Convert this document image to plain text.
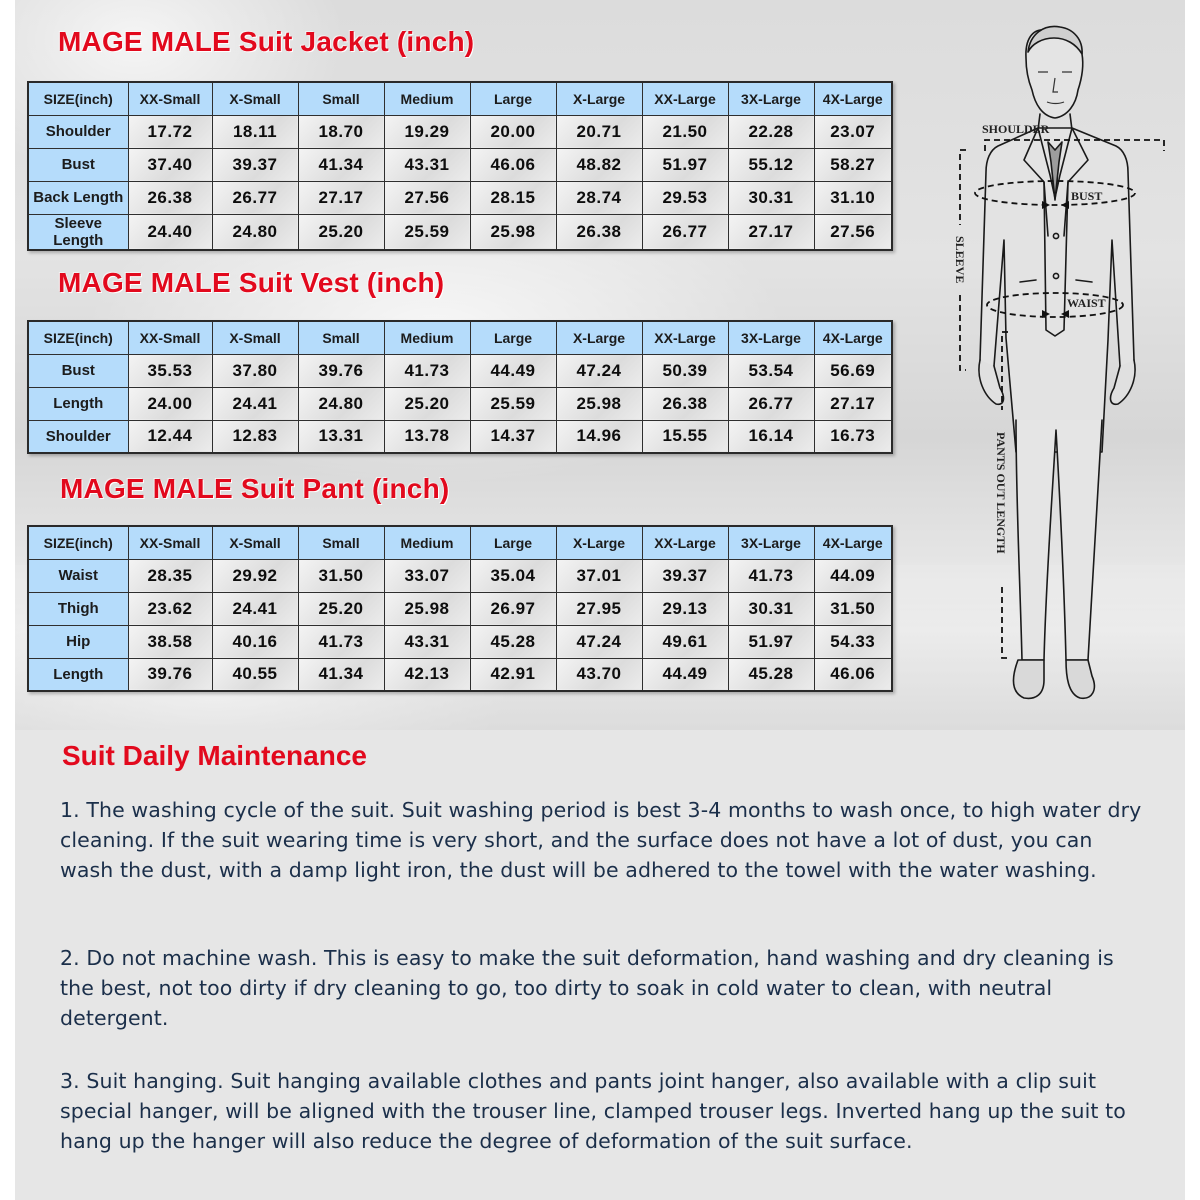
MAGE MALE Suit Jacket (inch)
SIZE(inch)	XX-Small	X-Small	Small	Medium	Large	X-Large	XX-Large	3X-Large	4X-Large
Shoulder	17.72	18.11	18.70	19.29	20.00	20.71	21.50	22.28	23.07
Bust	37.40	39.37	41.34	43.31	46.06	48.82	51.97	55.12	58.27
Back Length	26.38	26.77	27.17	27.56	28.15	28.74	29.53	30.31	31.10
Sleeve Length	24.40	24.80	25.20	25.59	25.98	26.38	26.77	27.17	27.56
MAGE MALE Suit Vest (inch)
SIZE(inch)	XX-Small	X-Small	Small	Medium	Large	X-Large	XX-Large	3X-Large	4X-Large
Bust	35.53	37.80	39.76	41.73	44.49	47.24	50.39	53.54	56.69
Length	24.00	24.41	24.80	25.20	25.59	25.98	26.38	26.77	27.17
Shoulder	12.44	12.83	13.31	13.78	14.37	14.96	15.55	16.14	16.73
MAGE MALE Suit Pant (inch)
SIZE(inch)	XX-Small	X-Small	Small	Medium	Large	X-Large	XX-Large	3X-Large	4X-Large
Waist	28.35	29.92	31.50	33.07	35.04	37.01	39.37	41.73	44.09
Thigh	23.62	24.41	25.20	25.98	26.97	27.95	29.13	30.31	31.50
Hip	38.58	40.16	41.73	43.31	45.28	47.24	49.61	51.97	54.33
Length	39.76	40.55	41.34	42.13	42.91	43.70	44.49	45.28	46.06
SHOULDER
BUST
WAIST
SLEEVE
PANTS OUT LENGTH
Suit Daily Maintenance

1. The washing cycle of the suit. Suit washing period is best 3-4 months to wash once, to high water dry cleaning. If the suit wearing time is very short, and the surface does not have a lot of dust, you can wash the dust, with a damp light iron, the dust will be adhered to the towel with the water washing.

2. Do not machine wash. This is easy to make the suit deformation, hand washing and dry cleaning is the best, not too dirty if dry cleaning to go, too dirty to soak in cold water to clean, with neutral detergent.

3. Suit hanging. Suit hanging available clothes and pants joint hanger, also available with a clip suit special hanger, will be aligned with the trouser line, clamped trouser legs. Inverted hang up the suit to hang up the hanger will also reduce the degree of deformation of the suit surface.
